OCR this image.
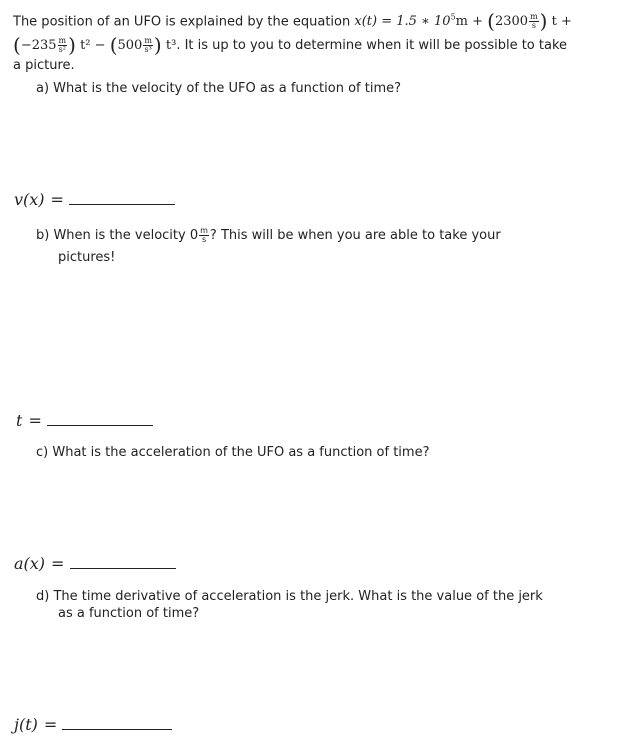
The position of an UFO is explained by the equation x(t) = 1.5 ∗ $10^5m + (2300 \frac{m}{s}$ ) t +
($-235 \frac{m}{\text{s²}}$ ) $t^2 - (500 \frac{m}{\text{s³}}$ ) t³. It is up to you to determine when it will be possible to take
a picture.
a) What is the velocity of the UFO as a function of time?
v(x) =
b) When is the velocity $0 \frac{m}{s}$ ? This will be when you are able to take your
pictures!
t =
c) What is the acceleration of the UFO as a function of time?
a(x) =
d) The time derivative of acceleration is the jerk. What is the value of the jerk
as a function of time?
j(t) =
